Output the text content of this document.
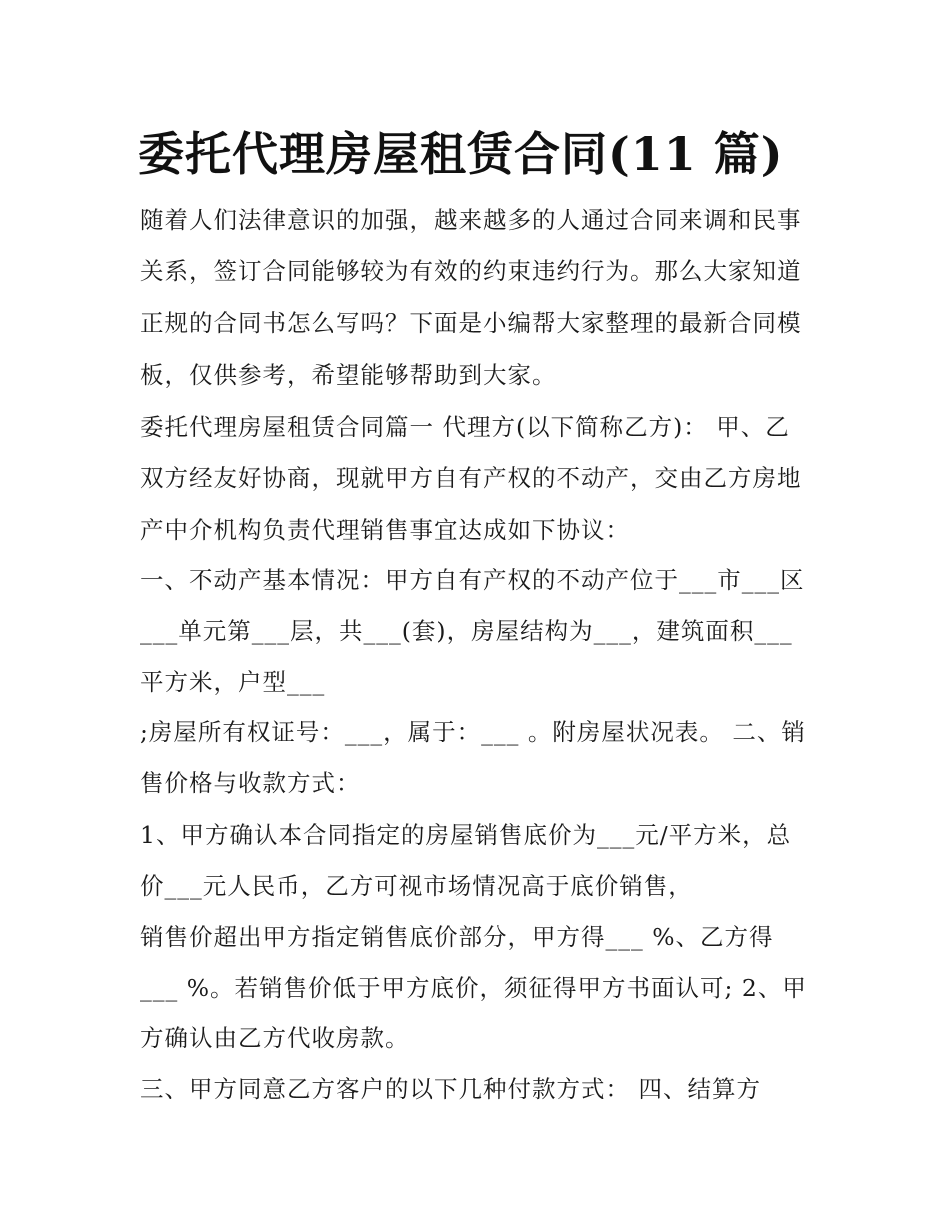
委托代理房屋租赁合同(11 篇)

随着人们法律意识的加强，越来越多的人通过合同来调和民事

关系，签订合同能够较为有效的约束违约行为。那么大家知道

正规的合同书怎么写吗？下面是小编帮大家整理的最新合同模

板，仅供参考，希望能够帮助到大家。

委托代理房屋租赁合同篇一 代理方(以下简称乙方)： 甲、乙

双方经友好协商，现就甲方自有产权的不动产，交由乙方房地

产中介机构负责代理销售事宜达成如下协议：

一、不动产基本情况：甲方自有产权的不动产位于___市___区

___单元第___层，共___(套)，房屋结构为___，建筑面积___

平方米，户型___

;房屋所有权证号：___，属于：___ 。附房屋状况表。 二、销

售价格与收款方式：

1、甲方确认本合同指定的房屋销售底价为___元/平方米，总

价___元人民币，乙方可视市场情况高于底价销售，

销售价超出甲方指定销售底价部分，甲方得___ %、乙方得

___ %。若销售价低于甲方底价，须征得甲方书面认可; 2、甲

方确认由乙方代收房款。

三、甲方同意乙方客户的以下几种付款方式： 四、结算方
